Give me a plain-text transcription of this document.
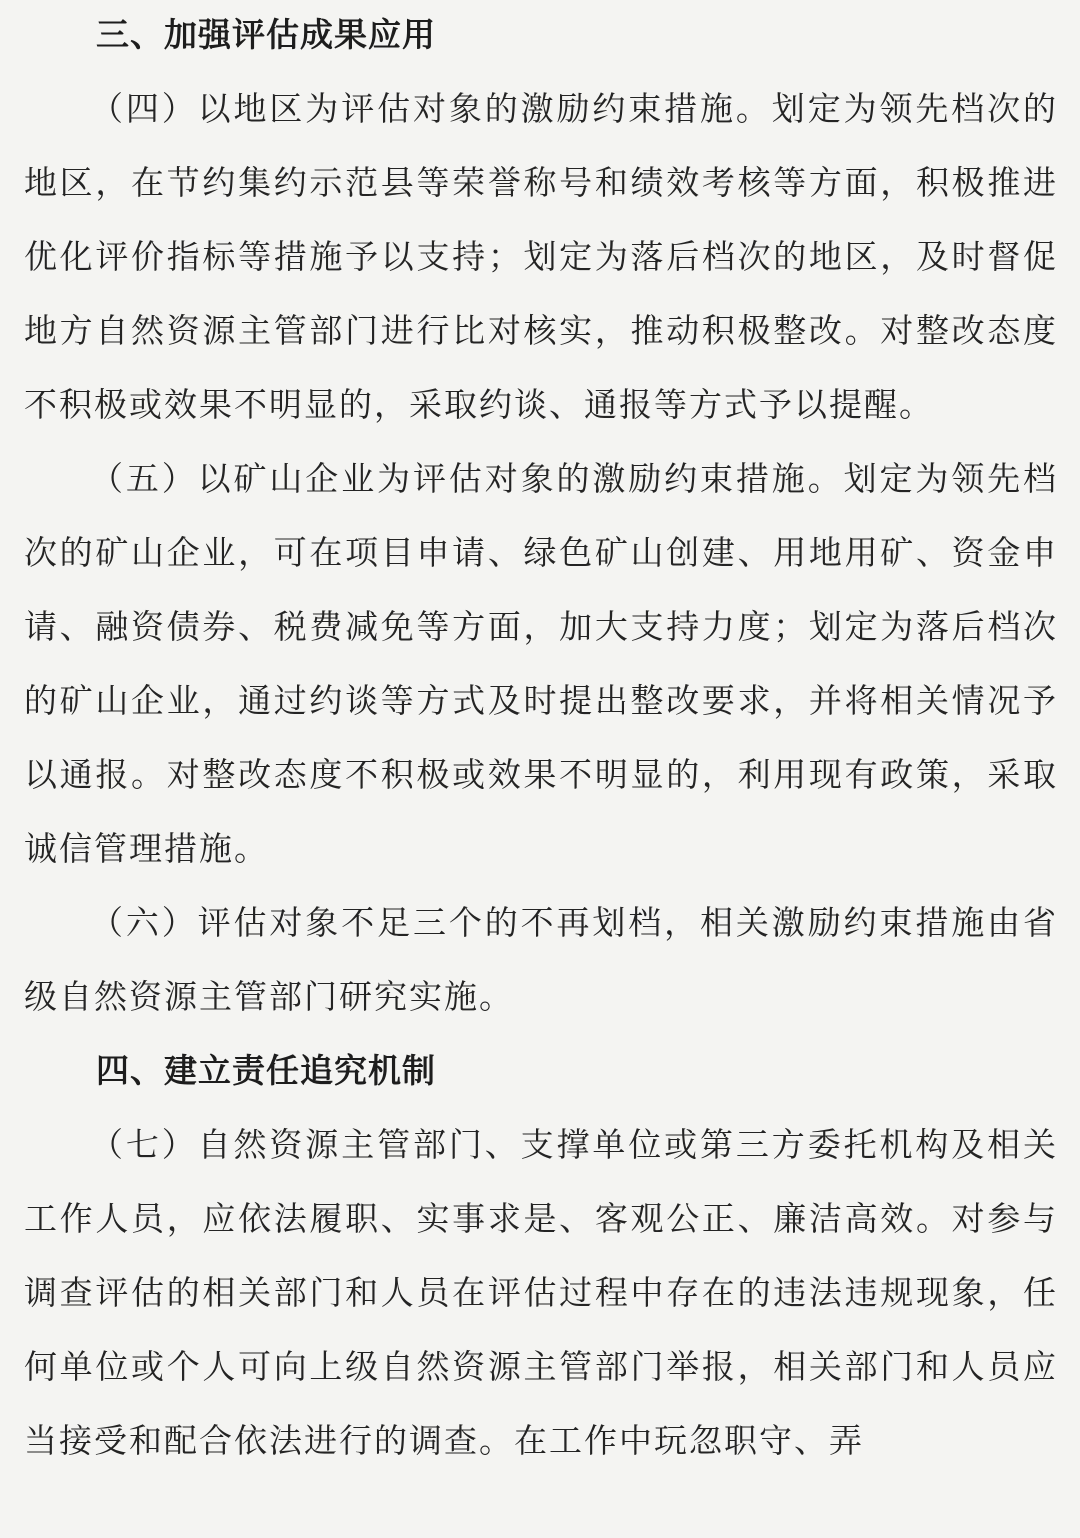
三、加强评估成果应用

（四）以地区为评估对象的激励约束措施。划定为领先档次的地区，在节约集约示范县等荣誉称号和绩效考核等方面，积极推进优化评价指标等措施予以支持；划定为落后档次的地区，及时督促地方自然资源主管部门进行比对核实，推动积极整改。对整改态度不积极或效果不明显的，采取约谈、通报等方式予以提醒。

（五）以矿山企业为评估对象的激励约束措施。划定为领先档次的矿山企业，可在项目申请、绿色矿山创建、用地用矿、资金申请、融资债券、税费减免等方面，加大支持力度；划定为落后档次的矿山企业，通过约谈等方式及时提出整改要求，并将相关情况予以通报。对整改态度不积极或效果不明显的，利用现有政策，采取诚信管理措施。

（六）评估对象不足三个的不再划档，相关激励约束措施由省级自然资源主管部门研究实施。

四、建立责任追究机制

（七）自然资源主管部门、支撑单位或第三方委托机构及相关工作人员，应依法履职、实事求是、客观公正、廉洁高效。对参与调查评估的相关部门和人员在评估过程中存在的违法违规现象，任何单位或个人可向上级自然资源主管部门举报，相关部门和人员应当接受和配合依法进行的调查。在工作中玩忽职守、弄
